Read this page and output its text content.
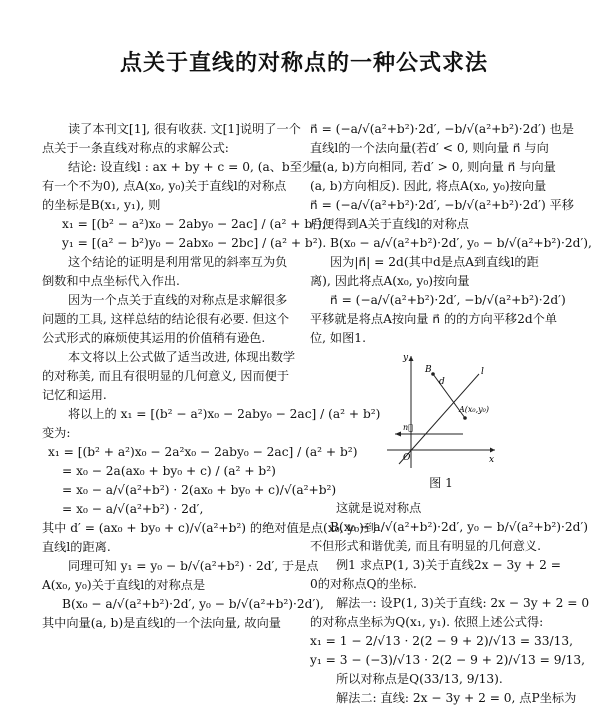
点关于直线的对称点的一种公式求法
读了本刊文[1], 很有收获. 文[1]说明了一个
点关于一条直线对称点的求解公式:
结论: 设直线l : ax + by + c = 0, (a、b至少
有一个不为0), 点A(x₀, y₀)关于直线l的对称点
的坐标是B(x₁, y₁), 则
x₁ = [(b² − a²)x₀ − 2aby₀ − 2ac] / (a² + b²),
y₁ = [(a² − b²)y₀ − 2abx₀ − 2bc] / (a² + b²).
这个结论的证明是利用常见的斜率互为负
倒数和中点坐标代入作出.
因为一个点关于直线的对称点是求解很多
问题的工具, 这样总结的结论很有必要. 但这个
公式形式的麻烦使其运用的价值稍有逊色.
本文将以上公式做了适当改进, 体现出数学
的对称美, 而且有很明显的几何意义, 因而便于
记忆和运用.
将以上的 x₁ = [(b² − a²)x₀ − 2aby₀ − 2ac] / (a² + b²)
变为:
x₁ = [(b² + a²)x₀ − 2a²x₀ − 2aby₀ − 2ac] / (a² + b²)
= x₀ − 2a(ax₀ + by₀ + c) / (a² + b²)
= x₀ − a/√(a²+b²) · 2(ax₀ + by₀ + c)/√(a²+b²)
= x₀ − a/√(a²+b²) · 2d′,
其中 d′ = (ax₀ + by₀ + c)/√(a²+b²) 的绝对值是点(x₀, y₀)到
直线l的距离.
同理可知 y₁ = y₀ − b/√(a²+b²) · 2d′, 于是点
A(x₀, y₀)关于直线l的对称点是
B(x₀ − a/√(a²+b²)·2d′, y₀ − b/√(a²+b²)·2d′),
其中向量(a, b)是直线l的一个法向量, 故向量
n⃗ = (−a/√(a²+b²)·2d′, −b/√(a²+b²)·2d′) 也是
直线l的一个法向量(若d′ < 0, 则向量 n⃗ 与向
量(a, b)方向相同, 若d′ > 0, 则向量 n⃗ 与向量
(a, b)方向相反). 因此, 将点A(x₀, y₀)按向量
n⃗ = (−a/√(a²+b²)·2d′, −b/√(a²+b²)·2d′) 平移
后便得到A关于直线l的对称点
B(x₀ − a/√(a²+b²)·2d′, y₀ − b/√(a²+b²)·2d′),
因为|n⃗| = 2d(其中d是点A到直线l的距
离), 因此将点A(x₀, y₀)按向量
n⃗ = (−a/√(a²+b²)·2d′, −b/√(a²+b²)·2d′)
平移就是将点A按向量 n⃗ 的的方向平移2d个单
位, 如图1.
y
B
d
l
A(x₀,y₀)
n⃗
O	x
图 1
这就是说对称点
B(x₀ − a/√(a²+b²)·2d′, y₀ − b/√(a²+b²)·2d′)
不但形式和谐优美, 而且有明显的几何意义.
例1 求点P(1, 3)关于直线2x − 3y + 2 =
0的对称点Q的坐标.
解法一: 设P(1, 3)关于直线: 2x − 3y + 2 = 0
的对称点坐标为Q(x₁, y₁). 依照上述公式得:
x₁ = 1 − 2/√13 · 2(2 − 9 + 2)/√13 = 33/13,
y₁ = 3 − (−3)/√13 · 2(2 − 9 + 2)/√13 = 9/13,
所以对称点是Q(33/13, 9/13).
解法二: 直线: 2x − 3y + 2 = 0, 点P坐标为
